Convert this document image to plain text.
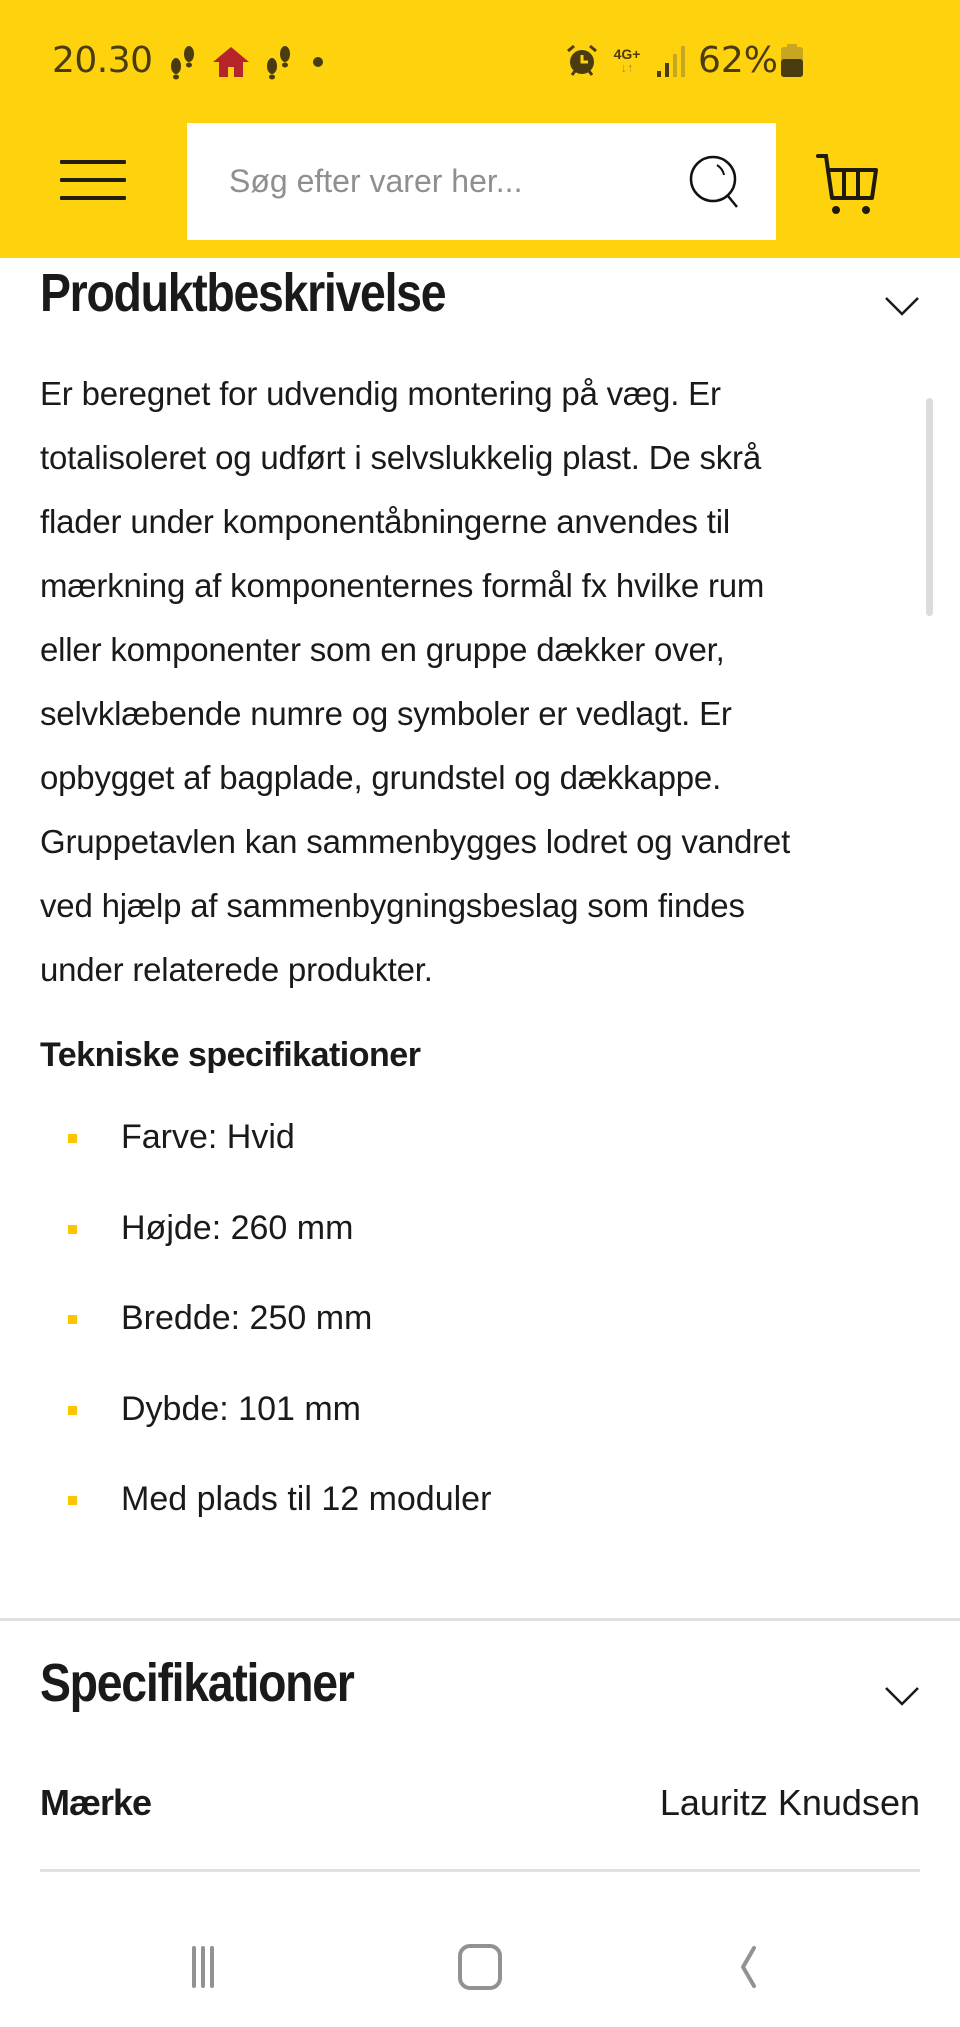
20.30	4G+
↓↑ 62%
Søg efter varer her...
Produktbeskrivelse

Er beregnet for udvendig montering på væg. Er

totalisoleret og udført i selvslukkelig plast. De skrå

flader under komponentåbningerne anvendes til

mærkning af komponenternes formål fx hvilke rum

eller komponenter som en gruppe dækker over,

selvklæbende numre og symboler er vedlagt. Er

opbygget af bagplade, grundstel og dækkappe.

Gruppetavlen kan sammenbygges lodret og vandret

ved hjælp af sammenbygningsbeslag som findes

under relaterede produkter.

Tekniske specifikationer
Farve: Hvid
Højde: 260 mm
Bredde: 250 mm
Dybde: 101 mm
Med plads til 12 moduler
Specifikationer
Mærke	Lauritz Knudsen
